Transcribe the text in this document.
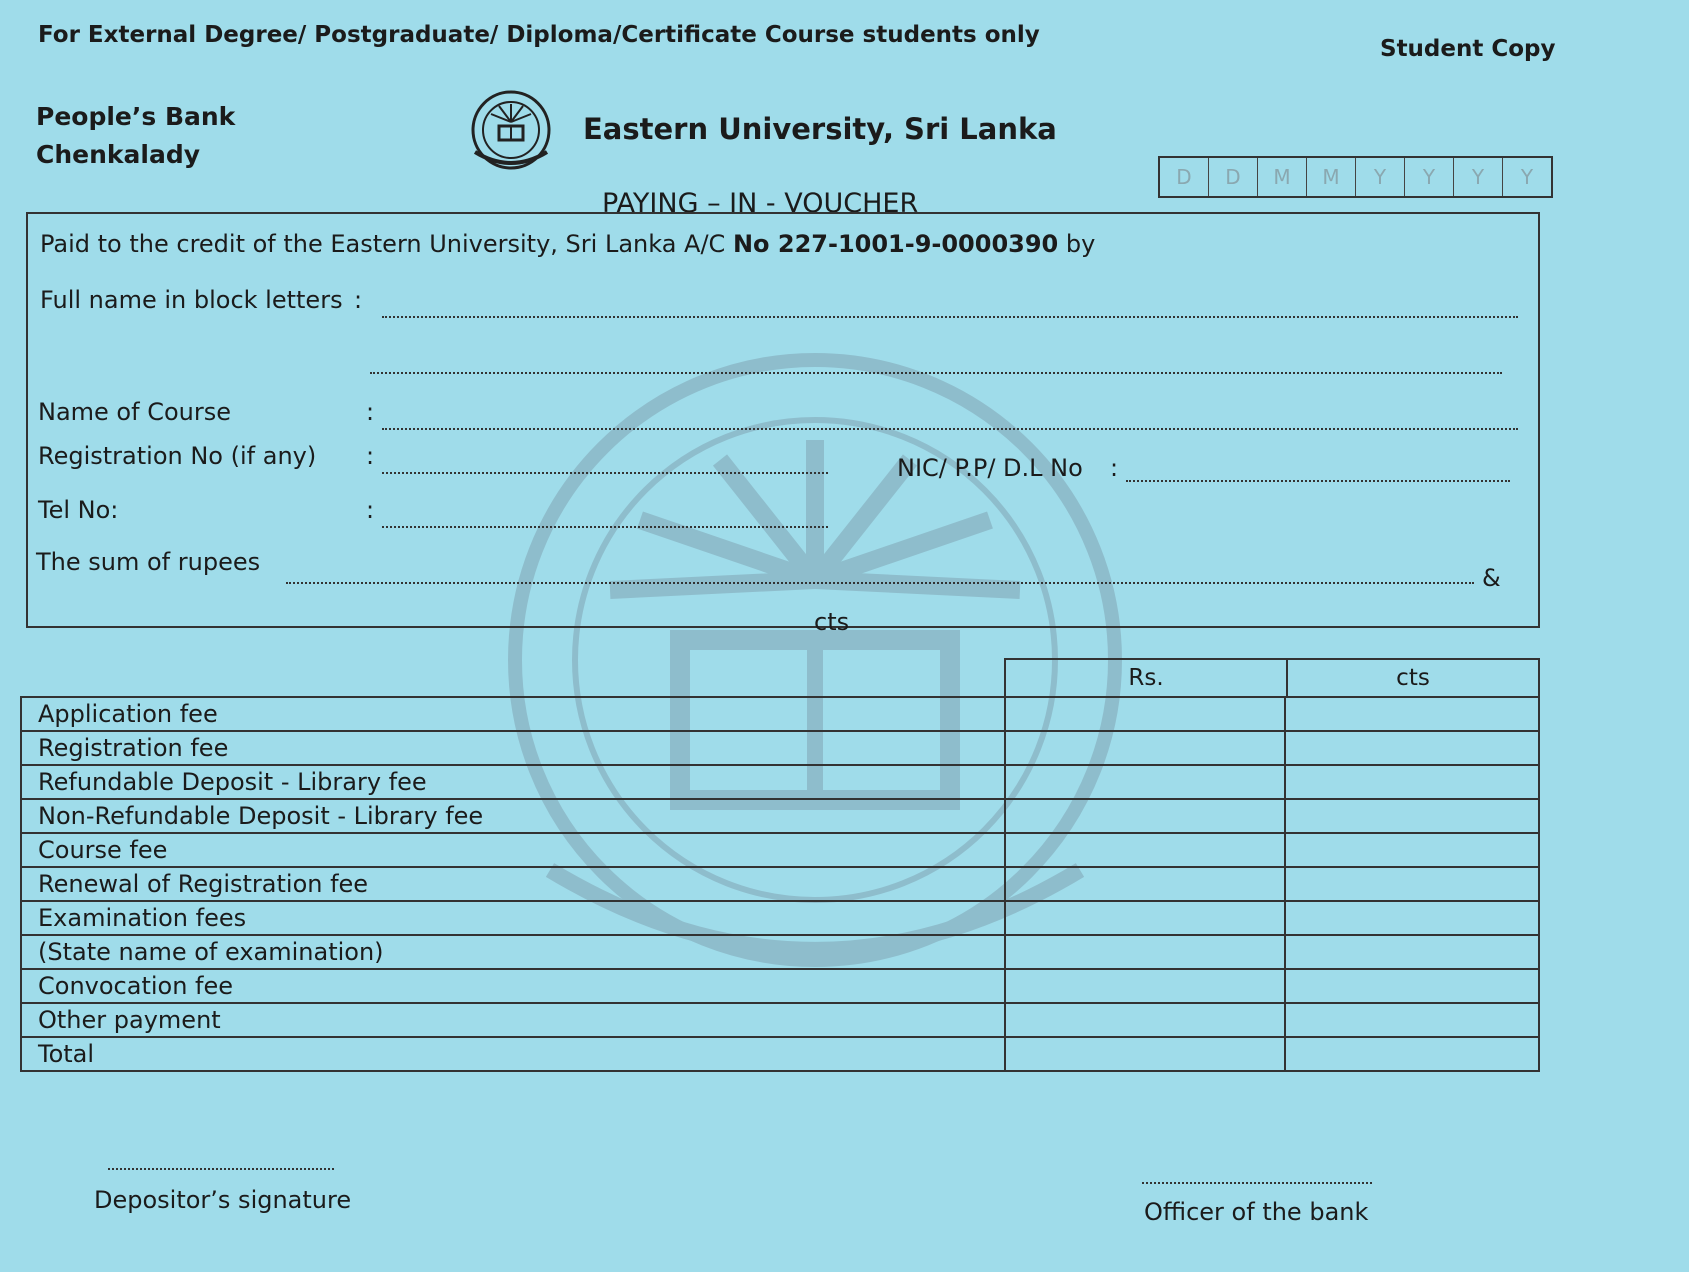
For External Degree/ Postgraduate/ Diploma/Certificate Course students only
Student Copy
People’s Bank
Chenkalady
Eastern University, Sri Lanka
D	D	M	M	Y	Y	Y	Y
PAYING – IN - VOUCHER
Paid to the credit of the Eastern University, Sri Lanka A/C No 227-1001-9-0000390 by
Full name in block letters :
Name of Course	:
Registration No (if any) :	NIC/ P.P/ D.L No :
Tel No:	:
The sum of rupees
&
cts
Rs.	cts
Application fee		
Registration fee		
Refundable Deposit - Library fee		
Non-Refundable Deposit - Library fee		
Course fee		
Renewal of Registration fee		
Examination fees		
(State name of examination)		
Convocation fee		
Other payment		
Total		
Depositor’s signature	Officer of the bank
